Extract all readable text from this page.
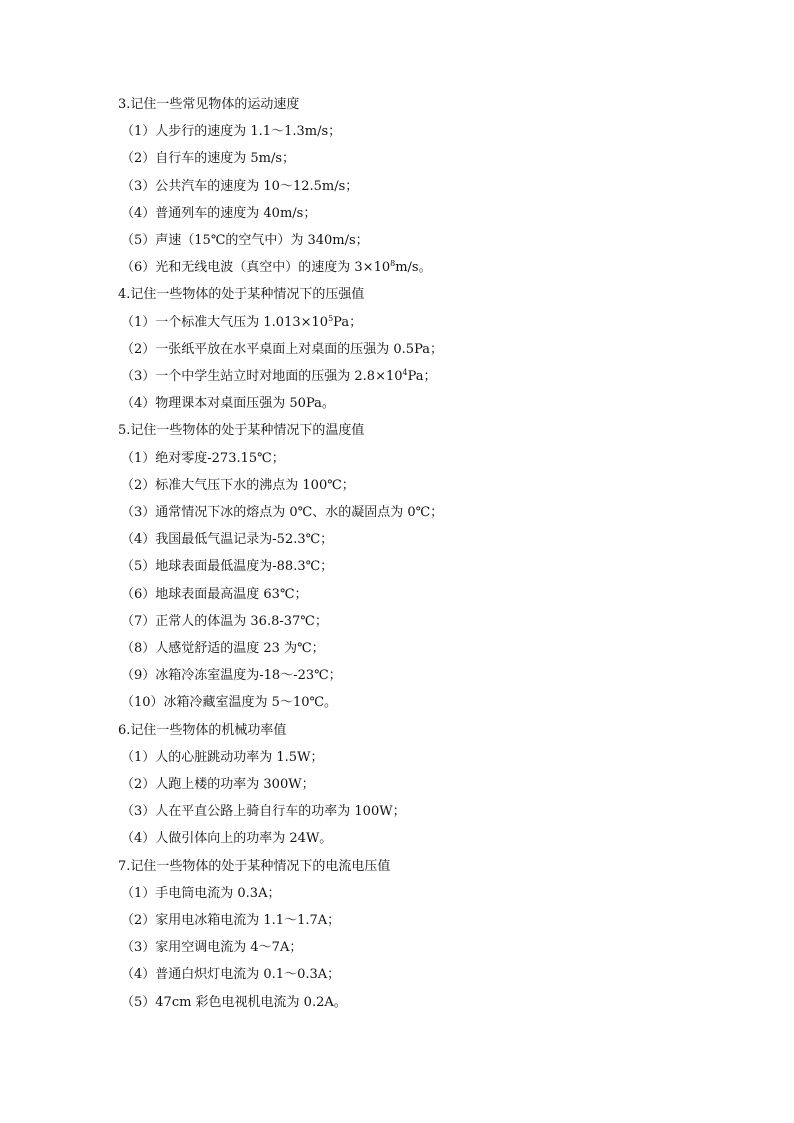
3.记住一些常见物体的运动速度
（1）人步行的速度为 1.1～1.3m/s；
（2）自行车的速度为 5m/s；
（3）公共汽车的速度为 10～12.5m/s；
（4）普通列车的速度为 40m/s；
（5）声速（15℃的空气中）为 340m/s；
（6）光和无线电波（真空中）的速度为 $3\times 10^8m/s$。
4.记住一些物体的处于某种情况下的压强值
（1）一个标准大气压为 $1.013\times 10^5Pa$；
（2）一张纸平放在水平桌面上对桌面的压强为 0.5Pa；
（3）一个中学生站立时对地面的压强为 $2.8\times 10^4Pa$；
（4）物理课本对桌面压强为 50Pa。
5.记住一些物体的处于某种情况下的温度值
（1）绝对零度-273.15℃；
（2）标准大气压下水的沸点为 100℃；
（3）通常情况下冰的熔点为 0℃、水的凝固点为 0℃；
（4）我国最低气温记录为-52.3℃；
（5）地球表面最低温度为-88.3℃；
（6）地球表面最高温度 63℃；
（7）正常人的体温为 36.8-37℃；
（8）人感觉舒适的温度 23 为℃；
（9）冰箱冷冻室温度为-18～-23℃；
（10）冰箱冷藏室温度为 5～10℃。
6.记住一些物体的机械功率值
（1）人的心脏跳动功率为 1.5W；
（2）人跑上楼的功率为 300W；
（3）人在平直公路上骑自行车的功率为 100W；
（4）人做引体向上的功率为 24W。
7.记住一些物体的处于某种情况下的电流电压值
（1）手电筒电流为 0.3A；
（2）家用电冰箱电流为 1.1～1.7A；
（3）家用空调电流为 4～7A；
（4）普通白炽灯电流为 0.1～0.3A；
（5）47cm 彩色电视机电流为 0.2A。
